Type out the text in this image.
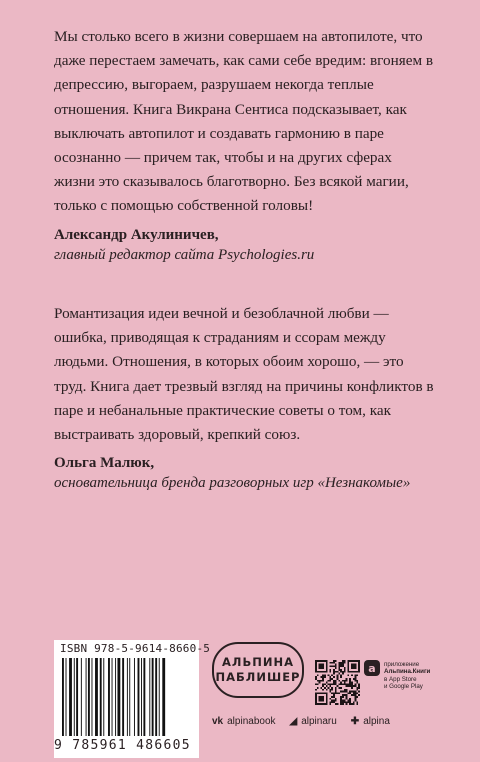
Мы столько всего в жизни совершаем на автопилоте, что даже перестаем замечать, как сами себе вредим: вгоняем в депрессию, выгораем, разрушаем некогда теплые отношения. Книга Викрана Сентиса подсказывает, как выключать автопилот и создавать гармонию в паре осознанно — причем так, чтобы и на других сферах жизни это сказывалось благотворно. Без всякой магии, только с помощью собственной головы!
Александр Акулиничев,
главный редактор сайта Psychologies.ru
Романтизация идеи вечной и безоблачной любви — ошибка, приводящая к страданиям и ссорам между людьми. Отношения, в которых обоим хорошо, — это труд. Книга дает трезвый взгляд на причины конфликтов в паре и небанальные практические советы о том, как выстраивать здоровый, крепкий союз.
Ольга Малюк,
основательница бренда разговорных игр «Незнакомые»
ISBN 978-5-9614-8660-5
9 785961 486605
АЛЬПИНА
ПАБЛИШЕР
a	приложение
Альпина.Книги
в App Store
и Google Play
vk alpinabook ◢ alpinaru ✚ alpina
